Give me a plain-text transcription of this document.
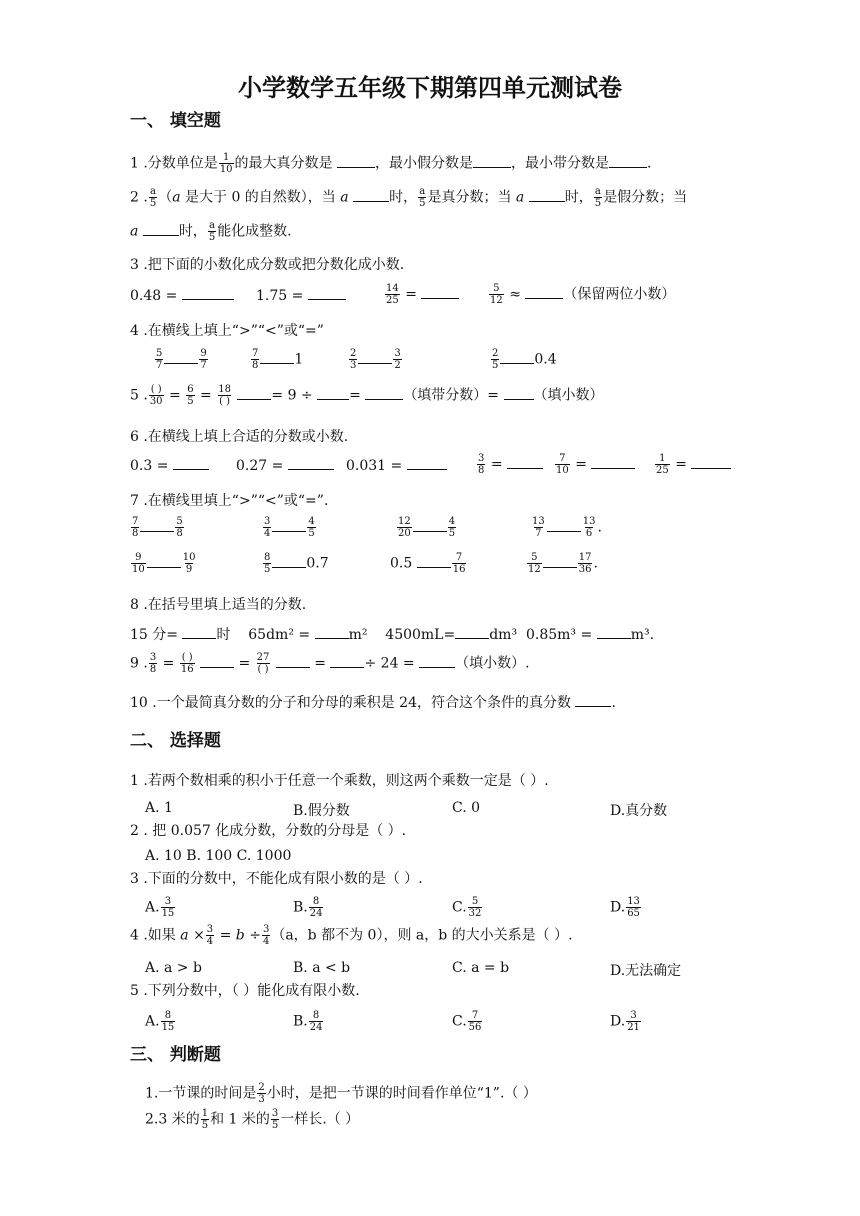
小学数学五年级下期第四单元测试卷
一、 填空题
1 .分数单位是 $\frac{1}{10}$ 的最大真分数是	，最小假分数是	，最小带分数是	.
2 . $\frac{a}{5} (a$ 是大于 0 的自然数），当 a	时， $\frac{a}{5}$ 是真分数；当 a	时， $\frac{a}{5}$ 是假分数；当
a	时， $\frac{a}{5}$ 能化成整数.
3 .把下面的小数化成分数或把分数化成小数.
0.48 =	1.75 =	$\frac{14}{25}$ =	$\frac{5}{12}$ ≈	（保留两位小数）
4 .在横线上填上“>”“<”或“=”
$\frac{5}{7}$	$\frac{9}{7}$	$\frac{7}{8}$	1	$\frac{2}{3}$	$\frac{3}{2}$	$\frac{2}{5}$	0.4
5 . ( )
$30 = \frac{6}{5} = 18$
( )	= 9 ÷	=	（填带分数）= （填小数）
6 .在横线上填上合适的分数或小数.
0.3 =	0.27 =	0.031 =	$\frac{3}{8}$ =	$\frac{7}{10}$ =	$\frac{1}{25}$ =
7 .在横线里填上“>”“<”或“=”.
$\frac{7}{8}$	$\frac{5}{8}$	$\frac{3}{4}$	$\frac{4}{5}$	$\frac{12}{20}$	$\frac{4}{5}$	$\frac{13}{7}$	$\frac{13}{6}$ .
$\frac{9}{10}$	$\frac{10}{9}$	$\frac{8}{5}$	0.7	0.5	$\frac{7}{16}$	$\frac{5}{12}$	$\frac{17}{36}$ .
8 .在括号里填上适当的分数.
15 分=	时 65dm² =	m² 4500mL= dm³ 0.85m³ =	m³.
9 . $\frac{3}{8}$ = ( )
16	= 27
( )	=	÷ 24 =	（填小数）.
10 .一个最简真分数的分子和分母的乘积是 24，符合这个条件的真分数	.
二、 选择题
1 .若两个数相乘的积小于任意一个乘数，则这两个乘数一定是（ ）.
A. 1	B.假分数	C. 0	D.真分数
2 . 把 0.057 化成分数，分数的分母是（ ）.
A. 10 B. 100 C. 1000
3 .下面的分数中，不能化成有限小数的是（ ）.
A. $\frac{3}{15}$	B. $\frac{8}{24}$	C. $\frac{5}{32}$	D. $\frac{13}{65}$
4 .如果 $a \times \frac{3}{4} = b \div \frac{3}{4} (a$，b 都不为 0），则 a，b 的大小关系是（ ）.
A. a > b	B. a < b	C. a = b	D.无法确定
5 .下列分数中，（ ）能化成有限小数.
A. $\frac{8}{15}$	B. $\frac{8}{24}$	C. $\frac{7}{56}$	D. $\frac{3}{21}$
三、 判断题
1.一节课的时间是 $\frac{2}{3}$ 小时，是把一节课的时间看作单位“1”.（ ）
2.3 米的 $\frac{1}{5}$ 和 1 米的 $\frac{3}{5}$ 一样长.（ ）
